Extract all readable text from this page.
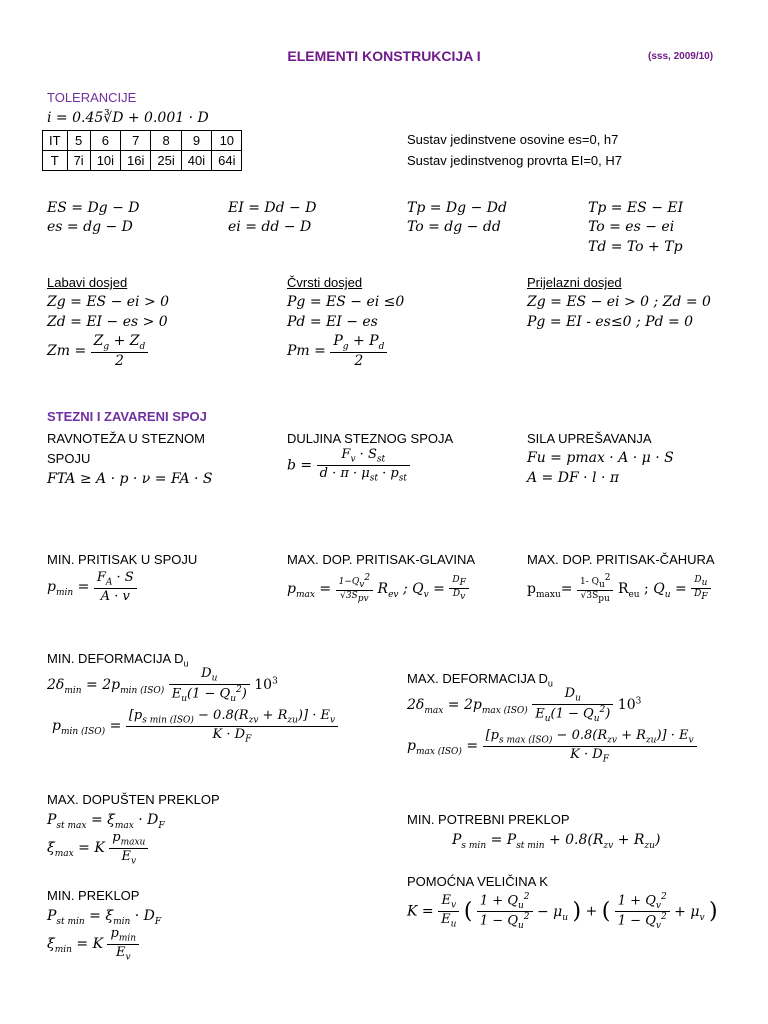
ELEMENTI KONSTRUKCIJA I	(sss, 2009/10)
TOLERANCIJE
i = 0.45∛D + 0.001 · D
IT	5	6	7	8	9	10
T	7i	10i	16i	25i	40i	64i
Sustav jedinstvene osovine es=0, h7
Sustav jedinstvenog provrta EI=0, H7
ES = Dg − D
es = dg − D
EI = Dd − D
ei = dd − D
Tp = Dg − Dd
To = dg − dd
Tp = ES − EI
To = es − ei
Td = To + Tp
Labavi dosjed
Zg = ES − ei > 0
Zd = EI − es > 0
$Zm = \frac{Z_g + Z_d}{2}$
Čvrsti dosjed
Pg = ES − ei ≤0
Pd = EI − es
$Pm = \frac{P_g + P_d}{2}$
Prijelazni dosjed
Zg = ES − ei > 0 ; Zd = 0
Pg = EI - es≤0 ; Pd = 0
STEZNI I ZAVARENI SPOJ
RAVNOTEŽA U STEZNOM
SPOJU
FTA ≥ A · p · ν = FA · S
DULJINA STEZNOG SPOJA
$b = \frac{F_v \cdot S_{st}}{d \cdot \pi \cdot \mu_{st} \cdot p_{st}}$
SILA UPREŠAVANJA
Fu = pmax · A · μ · S
A = DF · l · π
MIN. PRITISAK U SPOJU
$p_{min} = \frac{F_A \cdot S}{A \cdot v}$
MAX. DOP. PRITISAK-GLAVINA
$p_{max} = \frac{1-Q_v^2}{√3S_{pv}} R_{ev}$ ; $Q_v = \frac{D_F}{D_v}$
MAX. DOP. PRITISAK-ČAHURA
$p_{maxu}= \frac{1- Q_u^2}{√3S_{pu}} R_{eu}$ ; $Q_u = \frac{D_u}{D_F}$
MIN. DEFORMACIJA $D_u$
$2\delta_{min} = 2p_{min (ISO)} \frac{D_u}{E_u(1 - Q_u^2)} 10^3$
$p_{min (ISO)} = \frac{[p_{s min (ISO)} - 0.8(R_{zv} + R_{zu})] \cdot E_v}{K \cdot D_F}$
MAX. DEFORMACIJA $D_u$
$2\delta_{max} = 2p_{max (ISO)} \frac{D_u}{E_u(1 - Q_u^2)} 10^3$
$p_{max (ISO)} = \frac{[p_{s max (ISO)} - 0.8(R_{zv} + R_{zu})] \cdot E_v}{K \cdot D_F}$
MAX. DOPUŠTEN PREKLOP
$P_{st max} = \xi_{max} \cdot D_F$
$\xi_{max} = K \frac{p_{maxu}}{E_v}$
MIN. POTREBNI PREKLOP
$P_{s min} = P_{st min} + 0.8(R_{zv} + R_{zu})$
MIN. PREKLOP
$P_{st min} = \xi_{min} \cdot D_F$
$\xi_{min} = K \frac{p_{min}}{E_v}$
POMOĆNA VELIČINA K
$K = \frac{E_v}{E_u}$ ( $\frac{1 + Q_u^2}{1 - Q_u^2} - \mu_u$ ) + ( $\frac{1 + Q_v^2}{1 - Q_v^2} + \mu_v$ )
